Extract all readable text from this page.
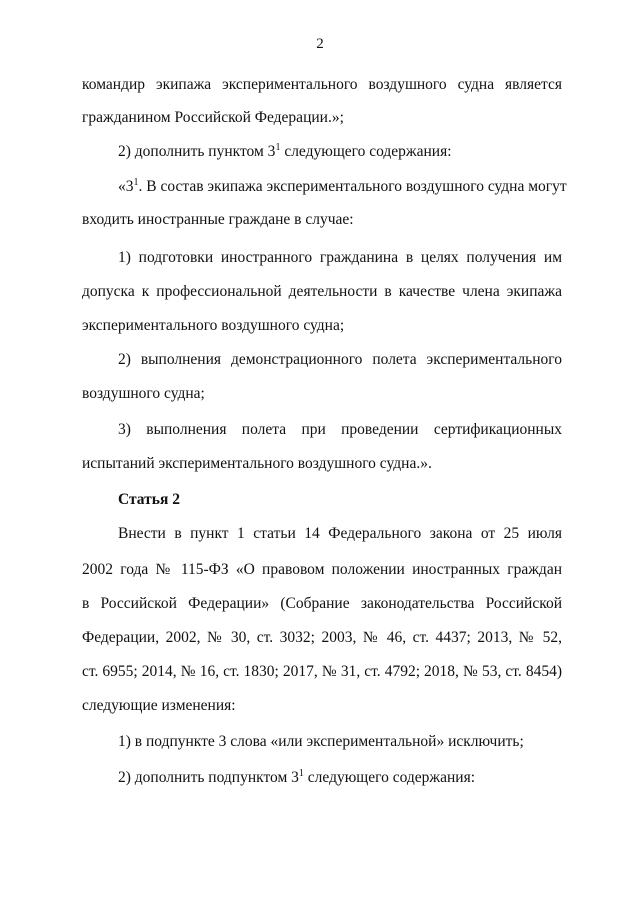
2
командир экипажа экспериментального воздушного судна является
гражданином Российской Федерации.»;
2) дополнить пунктом $3^1$ следующего содержания:
«$3^1$. В состав экипажа экспериментального воздушного судна могут
входить иностранные граждане в случае:
1) подготовки иностранного гражданина в целях получения им
допуска к профессиональной деятельности в качестве члена экипажа
экспериментального воздушного судна;
2) выполнения демонстрационного полета экспериментального
воздушного судна;
3) выполнения полета при проведении сертификационных
испытаний экспериментального воздушного судна.».
Статья 2
Внести в пункт 1 статьи 14 Федерального закона от 25 июля
2002 года № 115-ФЗ «О правовом положении иностранных граждан
в Российской Федерации» (Собрание законодательства Российской
Федерации, 2002, № 30, ст. 3032; 2003, № 46, ст. 4437; 2013, № 52,
ст. 6955; 2014, № 16, ст. 1830; 2017, № 31, ст. 4792; 2018, № 53, ст. 8454)
следующие изменения:
1) в подпункте 3 слова «или экспериментальной» исключить;
2) дополнить подпунктом $3^1$ следующего содержания:
